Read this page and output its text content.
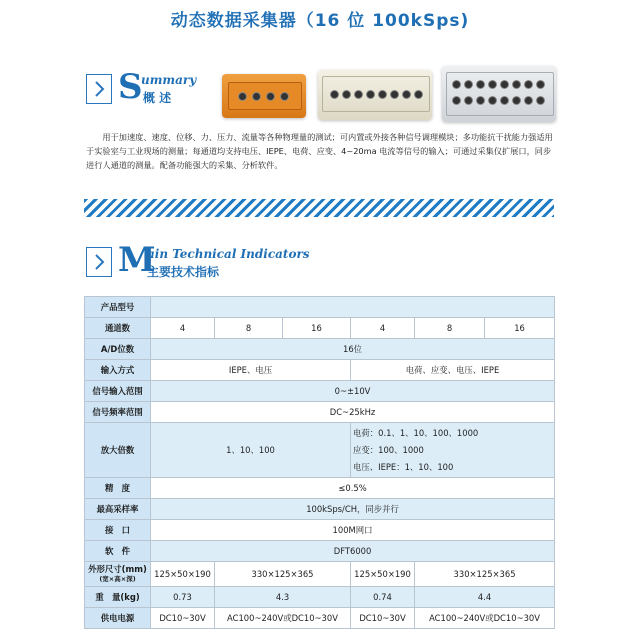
动态数据采集器（16 位 100kSps)
S
ummary
概 述
用于加速度、速度、位移、力、压力、流量等各种物理量的测试；可内置或外接各种信号调理模块；多功能抗干扰能力强适用于实验室与工业现场的测量；每通道均支持电压、IEPE、电荷、应变、4~20ma 电流等信号的输入；可通过采集仪扩展口，同步进行人通道的测量。配备功能强大的采集、分析软件。
M
ain Technical Indicators
主要技术指标
产品型号						
通道数	4	8	16	4	8	16
A/D位数	16位					
输入方式	IEPE、电压			电荷、应变、电压、IEPE		
信号输入范围	0~±10V					
信号频率范围	DC~25kHz					
放大倍数	1、10、100			电荷：0.1、1、10、100、1000
应变：100、1000
电压、IEPE：1、10、100		

精　度	≤0.5%					
最高采样率	100kSps/CH，同步并行					
接　口	100M网口					
软　件	DFT6000					

外形尺寸(mm)
(宽×高×深)	125×50×190	330×125×365		125×50×190	330×125×365	
重　量(kg)	0.73	4.3		0.74	4.4	
供电电源	DC10~30V	AC100~240V或DC10~30V		DC10~30V	AC100~240V或DC10~30V	
